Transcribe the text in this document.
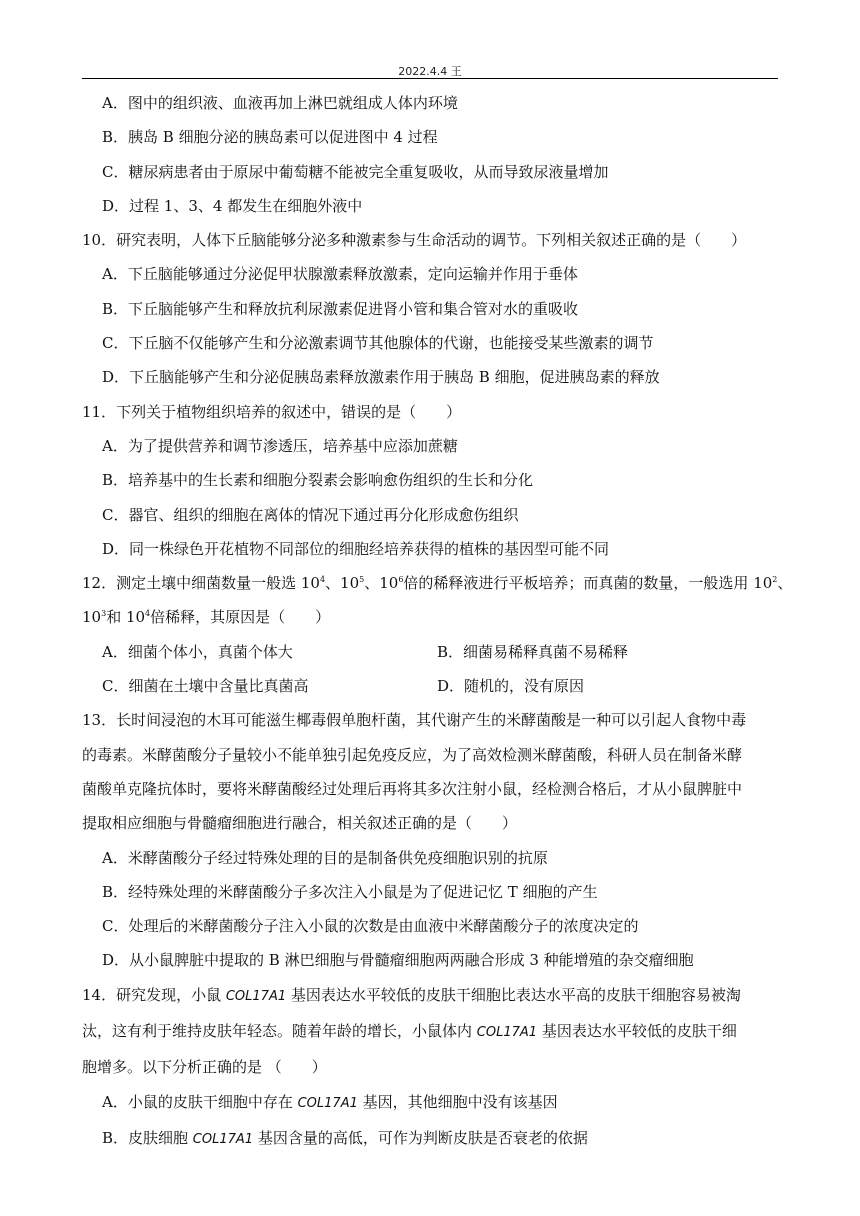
2022.4.4 王
A．图中的组织液、血液再加上淋巴就组成人体内环境
B．胰岛 B 细胞分泌的胰岛素可以促进图中 4 过程
C．糖尿病患者由于原尿中葡萄糖不能被完全重复吸收，从而导致尿液量增加
D．过程 1、3、4 都发生在细胞外液中
10．研究表明，人体下丘脑能够分泌多种激素参与生命活动的调节。下列相关叙述正确的是（　　）
A．下丘脑能够通过分泌促甲状腺激素释放激素，定向运输并作用于垂体
B．下丘脑能够产生和释放抗利尿激素促进肾小管和集合管对水的重吸收
C．下丘脑不仅能够产生和分泌激素调节其他腺体的代谢，也能接受某些激素的调节
D．下丘脑能够产生和分泌促胰岛素释放激素作用于胰岛 B 细胞，促进胰岛素的释放
11．下列关于植物组织培养的叙述中，错误的是（　　）
A．为了提供营养和调节渗透压，培养基中应添加蔗糖
B．培养基中的生长素和细胞分裂素会影响愈伤组织的生长和分化
C．器官、组织的细胞在离体的情况下通过再分化形成愈伤组织
D．同一株绿色开花植物不同部位的细胞经培养获得的植株的基因型可能不同
12．测定土壤中细菌数量一般选 $10^4$、$10^5$、$10^6$倍的稀释液进行平板培养；而真菌的数量，一般选用 $10^2$、
$10^3$和 $10^4$倍稀释，其原因是（　　）
A．细菌个体小，真菌个体大	B．细菌易稀释真菌不易稀释
C．细菌在土壤中含量比真菌高	D．随机的，没有原因
13．长时间浸泡的木耳可能滋生椰毒假单胞杆菌，其代谢产生的米酵菌酸是一种可以引起人食物中毒
的毒素。米酵菌酸分子量较小不能单独引起免疫反应，为了高效检测米酵菌酸，科研人员在制备米酵
菌酸单克隆抗体时，要将米酵菌酸经过处理后再将其多次注射小鼠，经检测合格后，才从小鼠脾脏中
提取相应细胞与骨髓瘤细胞进行融合，相关叙述正确的是（　　）
A．米酵菌酸分子经过特殊处理的目的是制备供免疫细胞识别的抗原
B．经特殊处理的米酵菌酸分子多次注入小鼠是为了促进记忆 T 细胞的产生
C．处理后的米酵菌酸分子注入小鼠的次数是由血液中米酵菌酸分子的浓度决定的
D．从小鼠脾脏中提取的 B 淋巴细胞与骨髓瘤细胞两两融合形成 3 种能增殖的杂交瘤细胞
14．研究发现，小鼠 COL17A1 基因表达水平较低的皮肤干细胞比表达水平高的皮肤干细胞容易被淘
汰，这有利于维持皮肤年轻态。随着年龄的增长，小鼠体内 COL17A1 基因表达水平较低的皮肤干细
胞增多。以下分析正确的是 （　　）
A．小鼠的皮肤干细胞中存在 COL17A1 基因，其他细胞中没有该基因
B．皮肤细胞 COL17A1 基因含量的高低，可作为判断皮肤是否衰老的依据
